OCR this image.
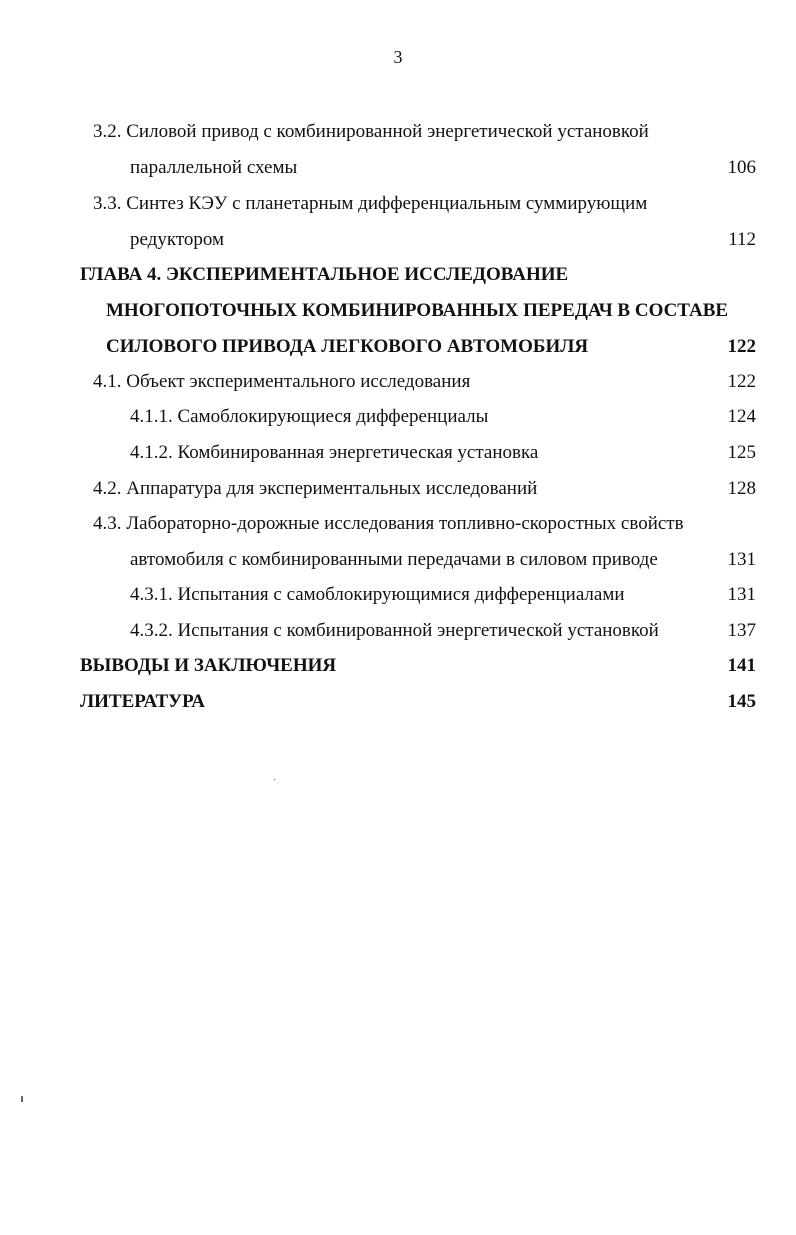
3
3.2. Силовой привод с комбинированной энергетической установкой
параллельной схемы	106
3.3. Синтез КЭУ с планетарным дифференциальным суммирующим
редуктором	112
ГЛАВА 4. ЭКСПЕРИМЕНТАЛЬНОЕ ИССЛЕДОВАНИЕ
МНОГОПОТОЧНЫХ КОМБИНИРОВАННЫХ ПЕРЕДАЧ В СОСТАВЕ
СИЛОВОГО ПРИВОДА ЛЕГКОВОГО АВТОМОБИЛЯ	122
4.1. Объект экспериментального исследования	122
4.1.1. Самоблокирующиеся дифференциалы	124
4.1.2. Комбинированная энергетическая установка	125
4.2. Аппаратура для экспериментальных исследований	128
4.3. Лабораторно-дорожные исследования топливно-скоростных свойств
автомобиля с комбинированными передачами в силовом приводе	131
4.3.1. Испытания с самоблокирующимися дифференциалами	131
4.3.2. Испытания с комбинированной энергетической установкой	137
ВЫВОДЫ И ЗАКЛЮЧЕНИЯ	141
ЛИТЕРАТУРА	145
